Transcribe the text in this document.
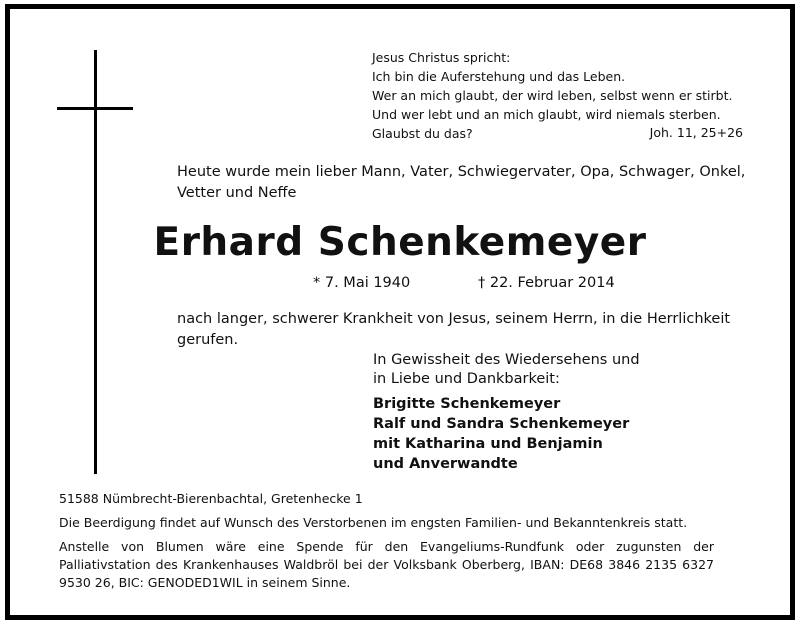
Jesus Christus spricht:
Ich bin die Auferstehung und das Leben.
Wer an mich glaubt, der wird leben, selbst wenn er stirbt.
Und wer lebt und an mich glaubt, wird niemals sterben.
Glaubst du das?	Joh. 11, 25+26
Heute wurde mein lieber Mann, Vater, Schwiegervater, Opa, Schwager, Onkel, Vetter und Neffe
Erhard Schenkemeyer
* 7. Mai 1940	† 22. Februar 2014
nach langer, schwerer Krankheit von Jesus, seinem Herrn, in die Herrlichkeit gerufen.
In Gewissheit des Wiedersehens und
in Liebe und Dankbarkeit:
Brigitte Schenkemeyer
Ralf und Sandra Schenkemeyer
mit Katharina und Benjamin
und Anverwandte
51588 Nümbrecht-Bierenbachtal, Gretenhecke 1
Die Beerdigung findet auf Wunsch des Verstorbenen im engsten Familien- und Bekanntenkreis statt.
Anstelle von Blumen wäre eine Spende für den Evangeliums-Rundfunk oder zugunsten der Palliativstation des Krankenhauses Waldbröl bei der Volksbank Oberberg, IBAN: DE68 3846 2135 6327 9530 26, BIC: GENODED1WIL in seinem Sinne.
